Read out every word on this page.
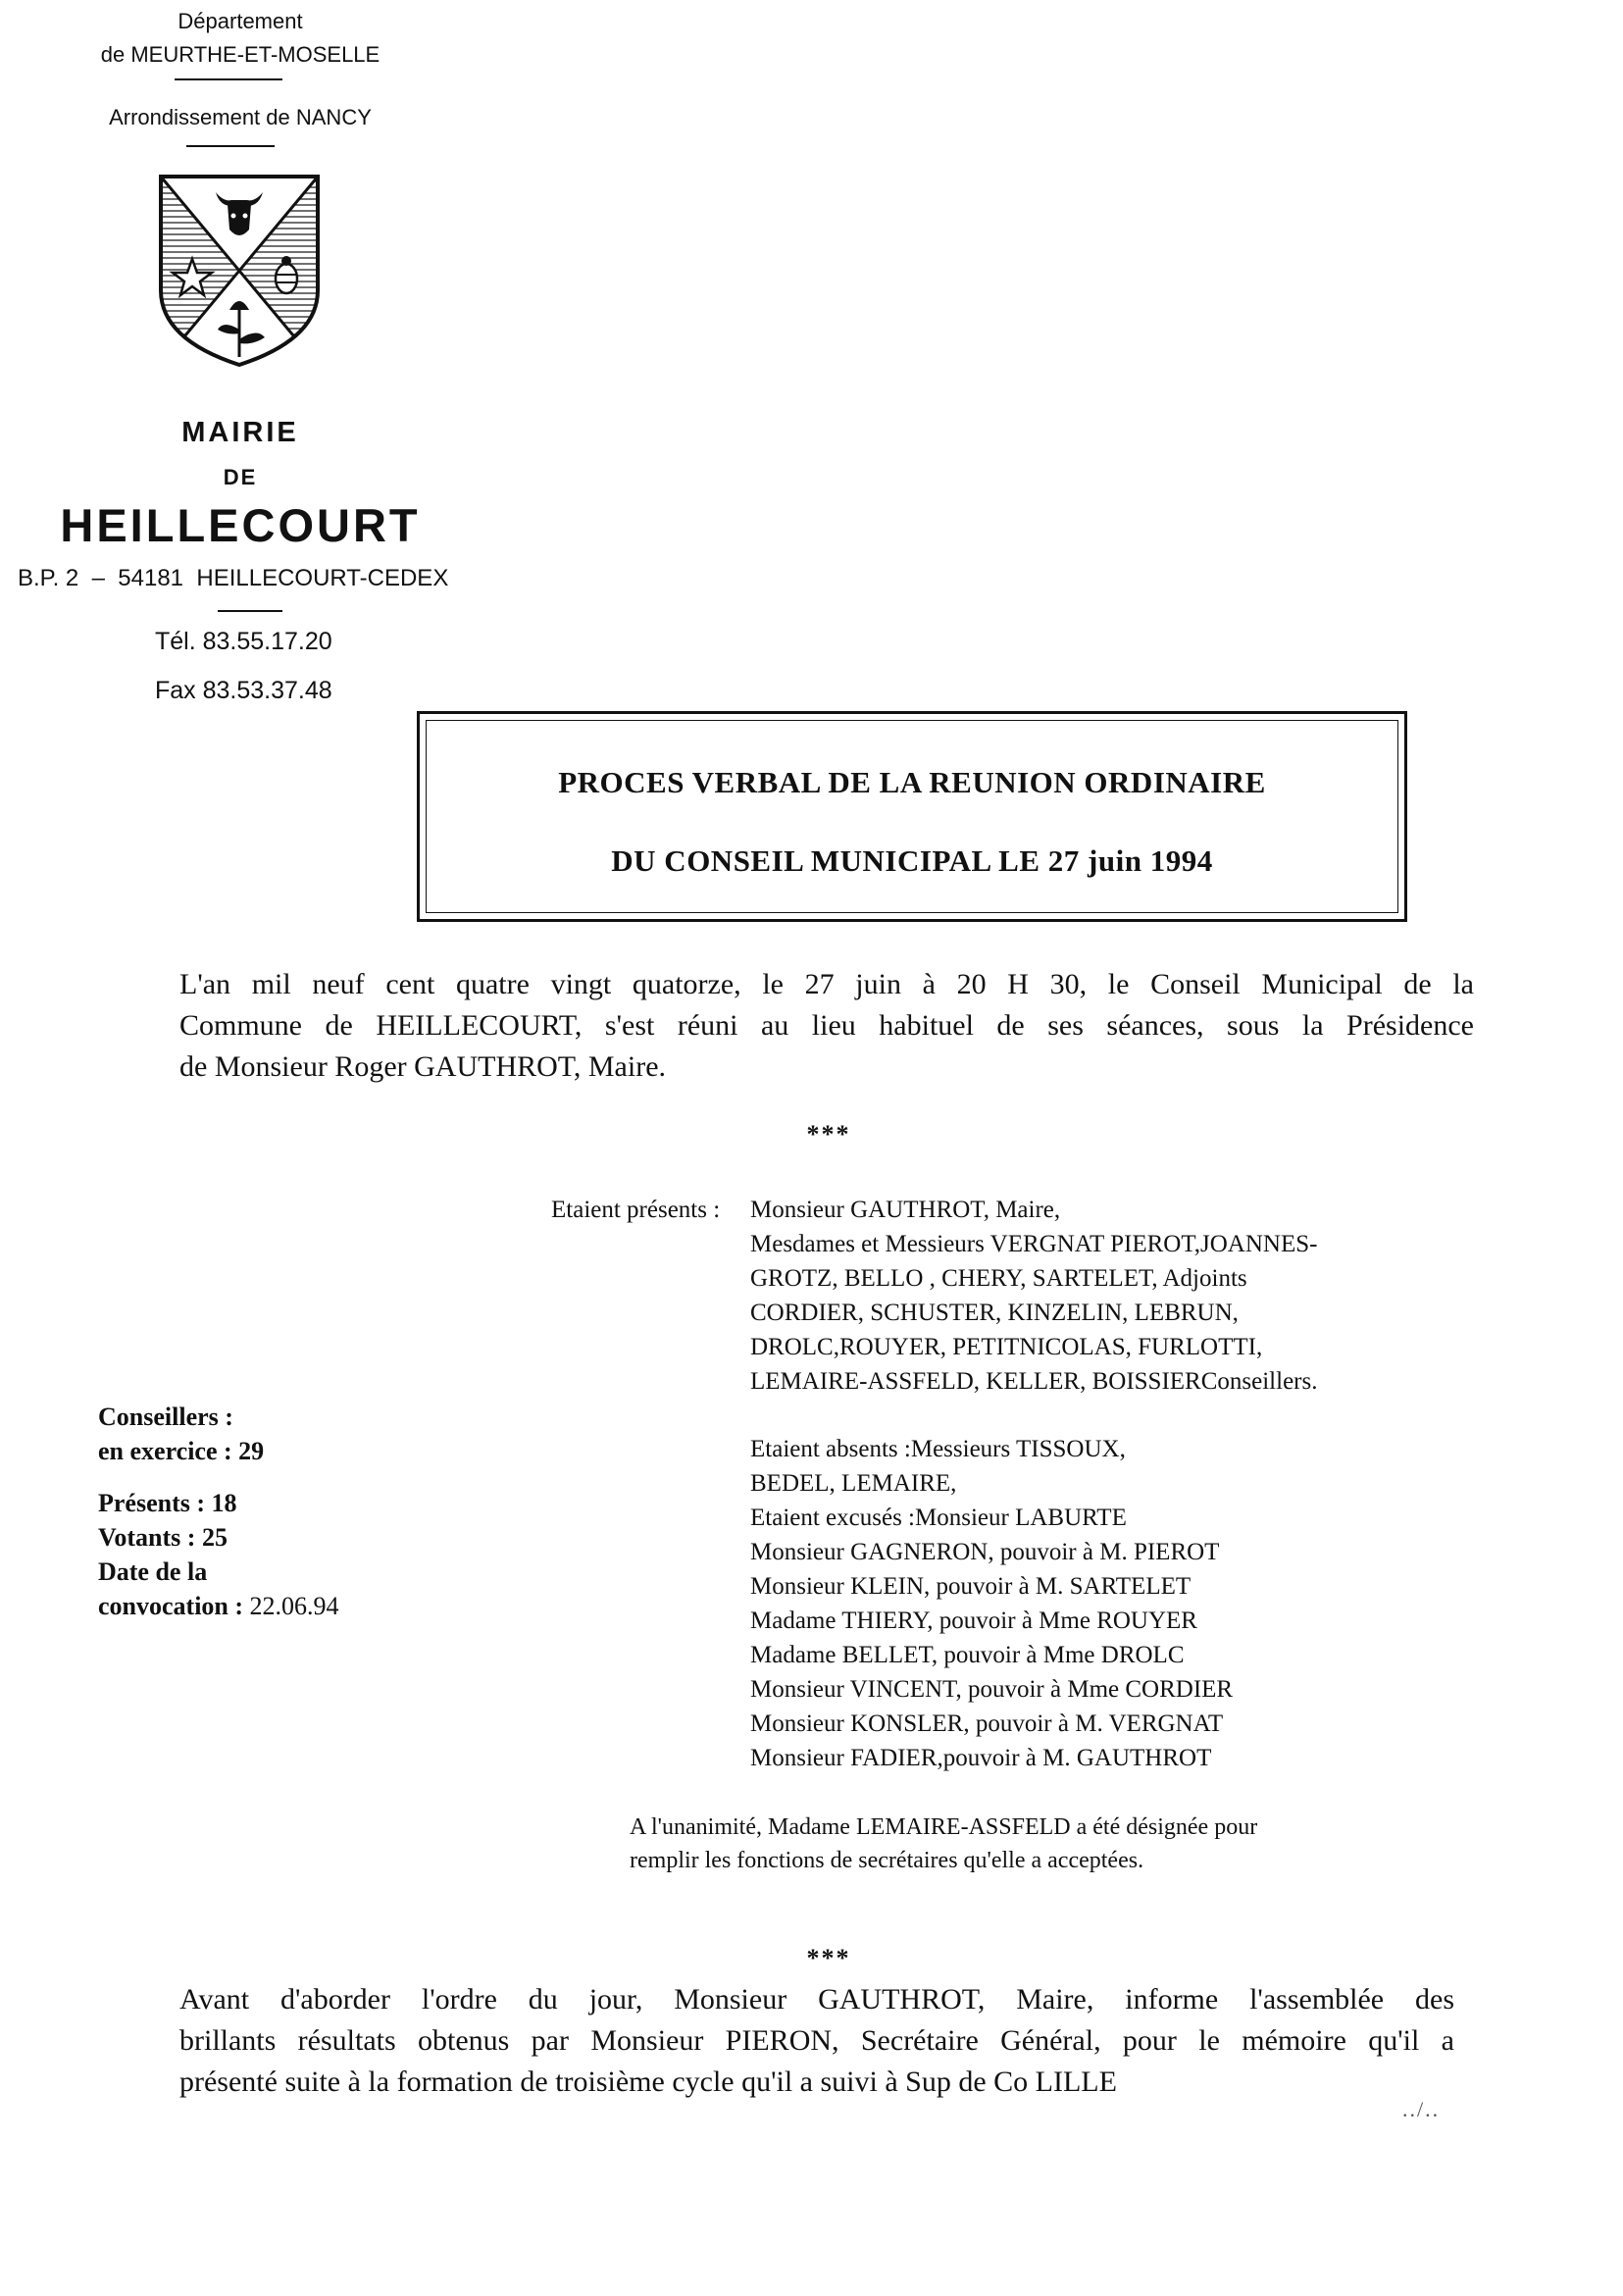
Département
de MEURTHE-ET-MOSELLE
Arrondissement de NANCY
MAIRIE
DE
HEILLECOURT
B.P. 2  –  54181  HEILLECOURT-CEDEX
Tél. 83.55.17.20
Fax 83.53.37.48
PROCES VERBAL DE LA REUNION ORDINAIRE
DU CONSEIL MUNICIPAL LE 27 juin 1994
L'an mil neuf cent quatre vingt quatorze, le 27 juin à 20 H 30, le Conseil Municipal de la
Commune de HEILLECOURT, s'est réuni au lieu habituel de ses séances, sous la Présidence
de Monsieur Roger GAUTHROT, Maire.
***
Etaient présents : Monsieur GAUTHROT, Maire,
Mesdames et Messieurs VERGNAT PIEROT,JOANNES-
GROTZ, BELLO , CHERY, SARTELET, Adjoints
CORDIER, SCHUSTER, KINZELIN, LEBRUN,
DROLC,ROUYER, PETITNICOLAS, FURLOTTI,
LEMAIRE-ASSFELD, KELLER, BOISSIERConseillers.
Etaient absents :Messieurs TISSOUX,
BEDEL, LEMAIRE,
Etaient excusés :Monsieur LABURTE
Monsieur GAGNERON, pouvoir à M. PIEROT
Monsieur KLEIN, pouvoir à M. SARTELET
Madame THIERY, pouvoir à Mme ROUYER
Madame BELLET, pouvoir à Mme DROLC
Monsieur VINCENT, pouvoir à Mme CORDIER
Monsieur KONSLER, pouvoir à M. VERGNAT
Monsieur FADIER,pouvoir à M. GAUTHROT
Conseillers :
en exercice : 29
Présents : 18
Votants : 25
Date de la
convocation : 22.06.94
A l'unanimité, Madame LEMAIRE-ASSFELD a été désignée pour
remplir les fonctions de secrétaires qu'elle a acceptées.
***
Avant d'aborder l'ordre du jour, Monsieur GAUTHROT, Maire, informe l'assemblée des
brillants résultats obtenus par Monsieur PIERON, Secrétaire Général, pour le mémoire qu'il a
présenté suite à la formation de troisième cycle qu'il a suivi à Sup de Co LILLE
../..
